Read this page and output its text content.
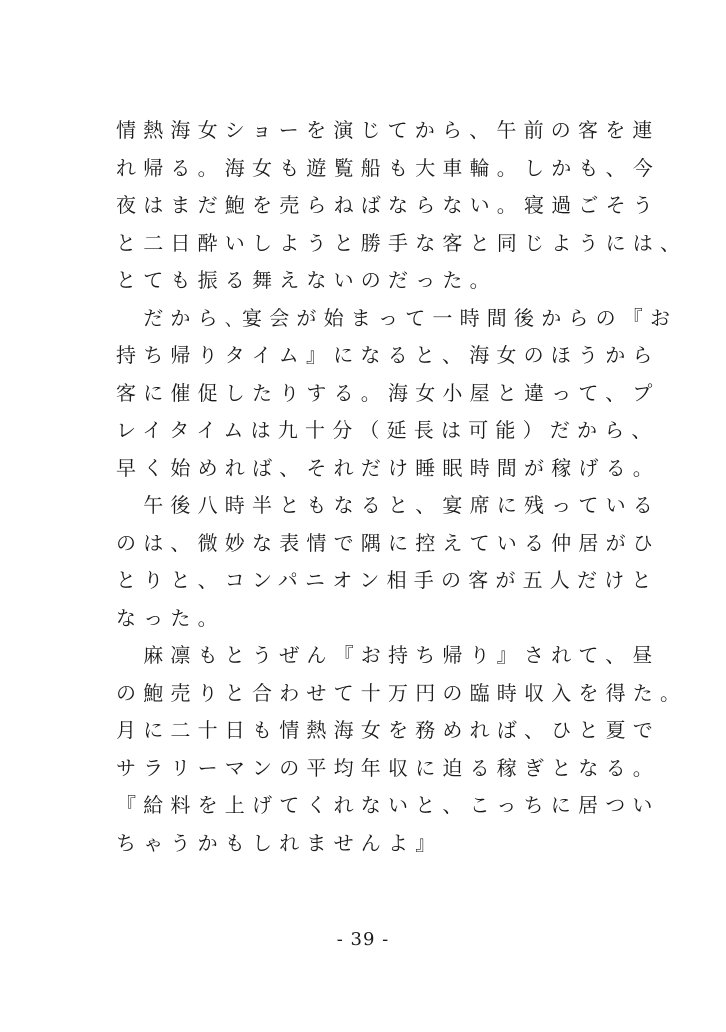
情熱海女ショーを演じてから、午前の客を連
れ帰る。海女も遊覧船も大車輪。しかも、今
夜はまだ鮑を売らねばならない。寝過ごそう
と二日酔いしようと勝手な客と同じようには、
とても振る舞えないのだった。
　だから､宴会が始まって一時間後からの『お
持ち帰りタイム』になると、海女のほうから
客に催促したりする。海女小屋と違って、プ
レイタイムは九十分（延長は可能）だから、
早く始めれば、それだけ睡眠時間が稼げる。
　午後八時半ともなると、宴席に残っている
のは、微妙な表情で隅に控えている仲居がひ
とりと、コンパニオン相手の客が五人だけと
なった。
　麻凛もとうぜん『お持ち帰り』されて、昼
の鮑売りと合わせて十万円の臨時収入を得た。
月に二十日も情熱海女を務めれば、ひと夏で
サラリーマンの平均年収に迫る稼ぎとなる。
『給料を上げてくれないと、こっちに居つい
ちゃうかもしれませんよ』
- 39 -
